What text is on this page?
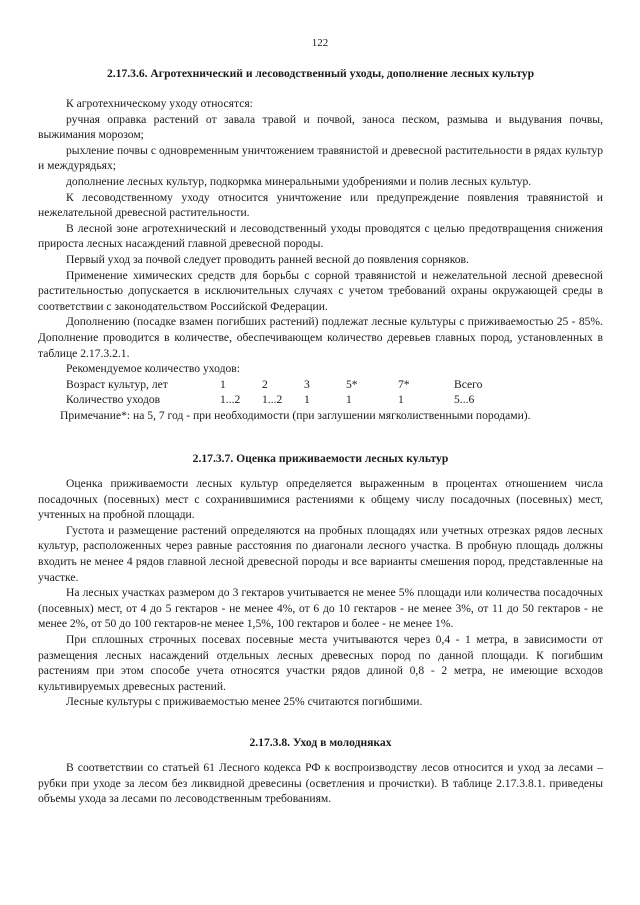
122
2.17.3.6. Агротехнический и лесоводственный уходы, дополнение лесных культур

К агротехническому уходу относятся:

ручная оправка растений от завала травой и почвой, заноса песком, размыва и выдувания почвы, выжимания морозом;

рыхление почвы с одновременным уничтожением травянистой и древесной растительности в рядах культур и междурядьях;

дополнение лесных культур, подкормка минеральными удобрениями и полив лесных культур.

К лесоводственному уходу относится уничтожение или предупреждение появления травянистой и нежелательной древесной растительности.

В лесной зоне агротехнический и лесоводственный уходы проводятся с целью предотвращения снижения прироста лесных насаждений главной древесной породы.

Первый уход за почвой следует проводить ранней весной до появления сорняков.

Применение химических средств для борьбы с сорной травянистой и нежелательной лесной древесной растительностью допускается в исключительных случаях с учетом требований охраны окружающей среды в соответствии с законодательством Российской Федерации.

Дополнению (посадке взамен погибших растений) подлежат лесные культуры с приживаемостью 25 - 85%. Дополнение проводится в количестве, обеспечивающем количество деревьев главных пород, установленных в таблице 2.17.3.2.1.

Рекомендуемое количество уходов:

Возраст культур, лет	1	2	3	5*	7*	Всего
Количество уходов	1...2	1...2	1	1	1	5...6

Примечание*: на 5, 7 год - при необходимости (при заглушении мягколиственными породами).

2.17.3.7. Оценка приживаемости лесных культур

Оценка приживаемости лесных культур определяется выраженным в процентах отношением числа посадочных (посевных) мест с сохранившимися растениями к общему числу посадочных (посевных) мест, учтенных на пробной площади.

Густота и размещение растений определяются на пробных площадях или учетных отрезках рядов лесных культур, расположенных через равные расстояния по диагонали лесного участка. В пробную площадь должны входить не менее 4 рядов главной лесной древесной породы и все варианты смешения пород, представленные на участке.

На лесных участках размером до 3 гектаров учитывается не менее 5% площади или количества посадочных (посевных) мест, от 4 до 5 гектаров - не менее 4%, от 6 до 10 гектаров - не менее 3%, от 11 до 50 гектаров - не менее 2%, от 50 до 100 гектаров-не менее 1,5%, 100 гектаров и более - не менее 1%.

При сплошных строчных посевах посевные места учитываются через 0,4 - 1 метра, в зависимости от размещения лесных насаждений отдельных лесных древесных пород по данной площади. К погибшим растениям при этом способе учета относятся участки рядов длиной 0,8 - 2 метра, не имеющие всходов культивируемых древесных растений.

Лесные культуры с приживаемостью менее 25% считаются погибшими.

2.17.3.8. Уход в молодняках

В соответствии со статьей 61 Лесного кодекса РФ к воспроизводству лесов относится и уход за лесами – рубки при уходе за лесом без ликвидной древесины (осветления и прочистки). В таблице 2.17.3.8.1. приведены объемы ухода за лесами по лесоводственным требованиям.
